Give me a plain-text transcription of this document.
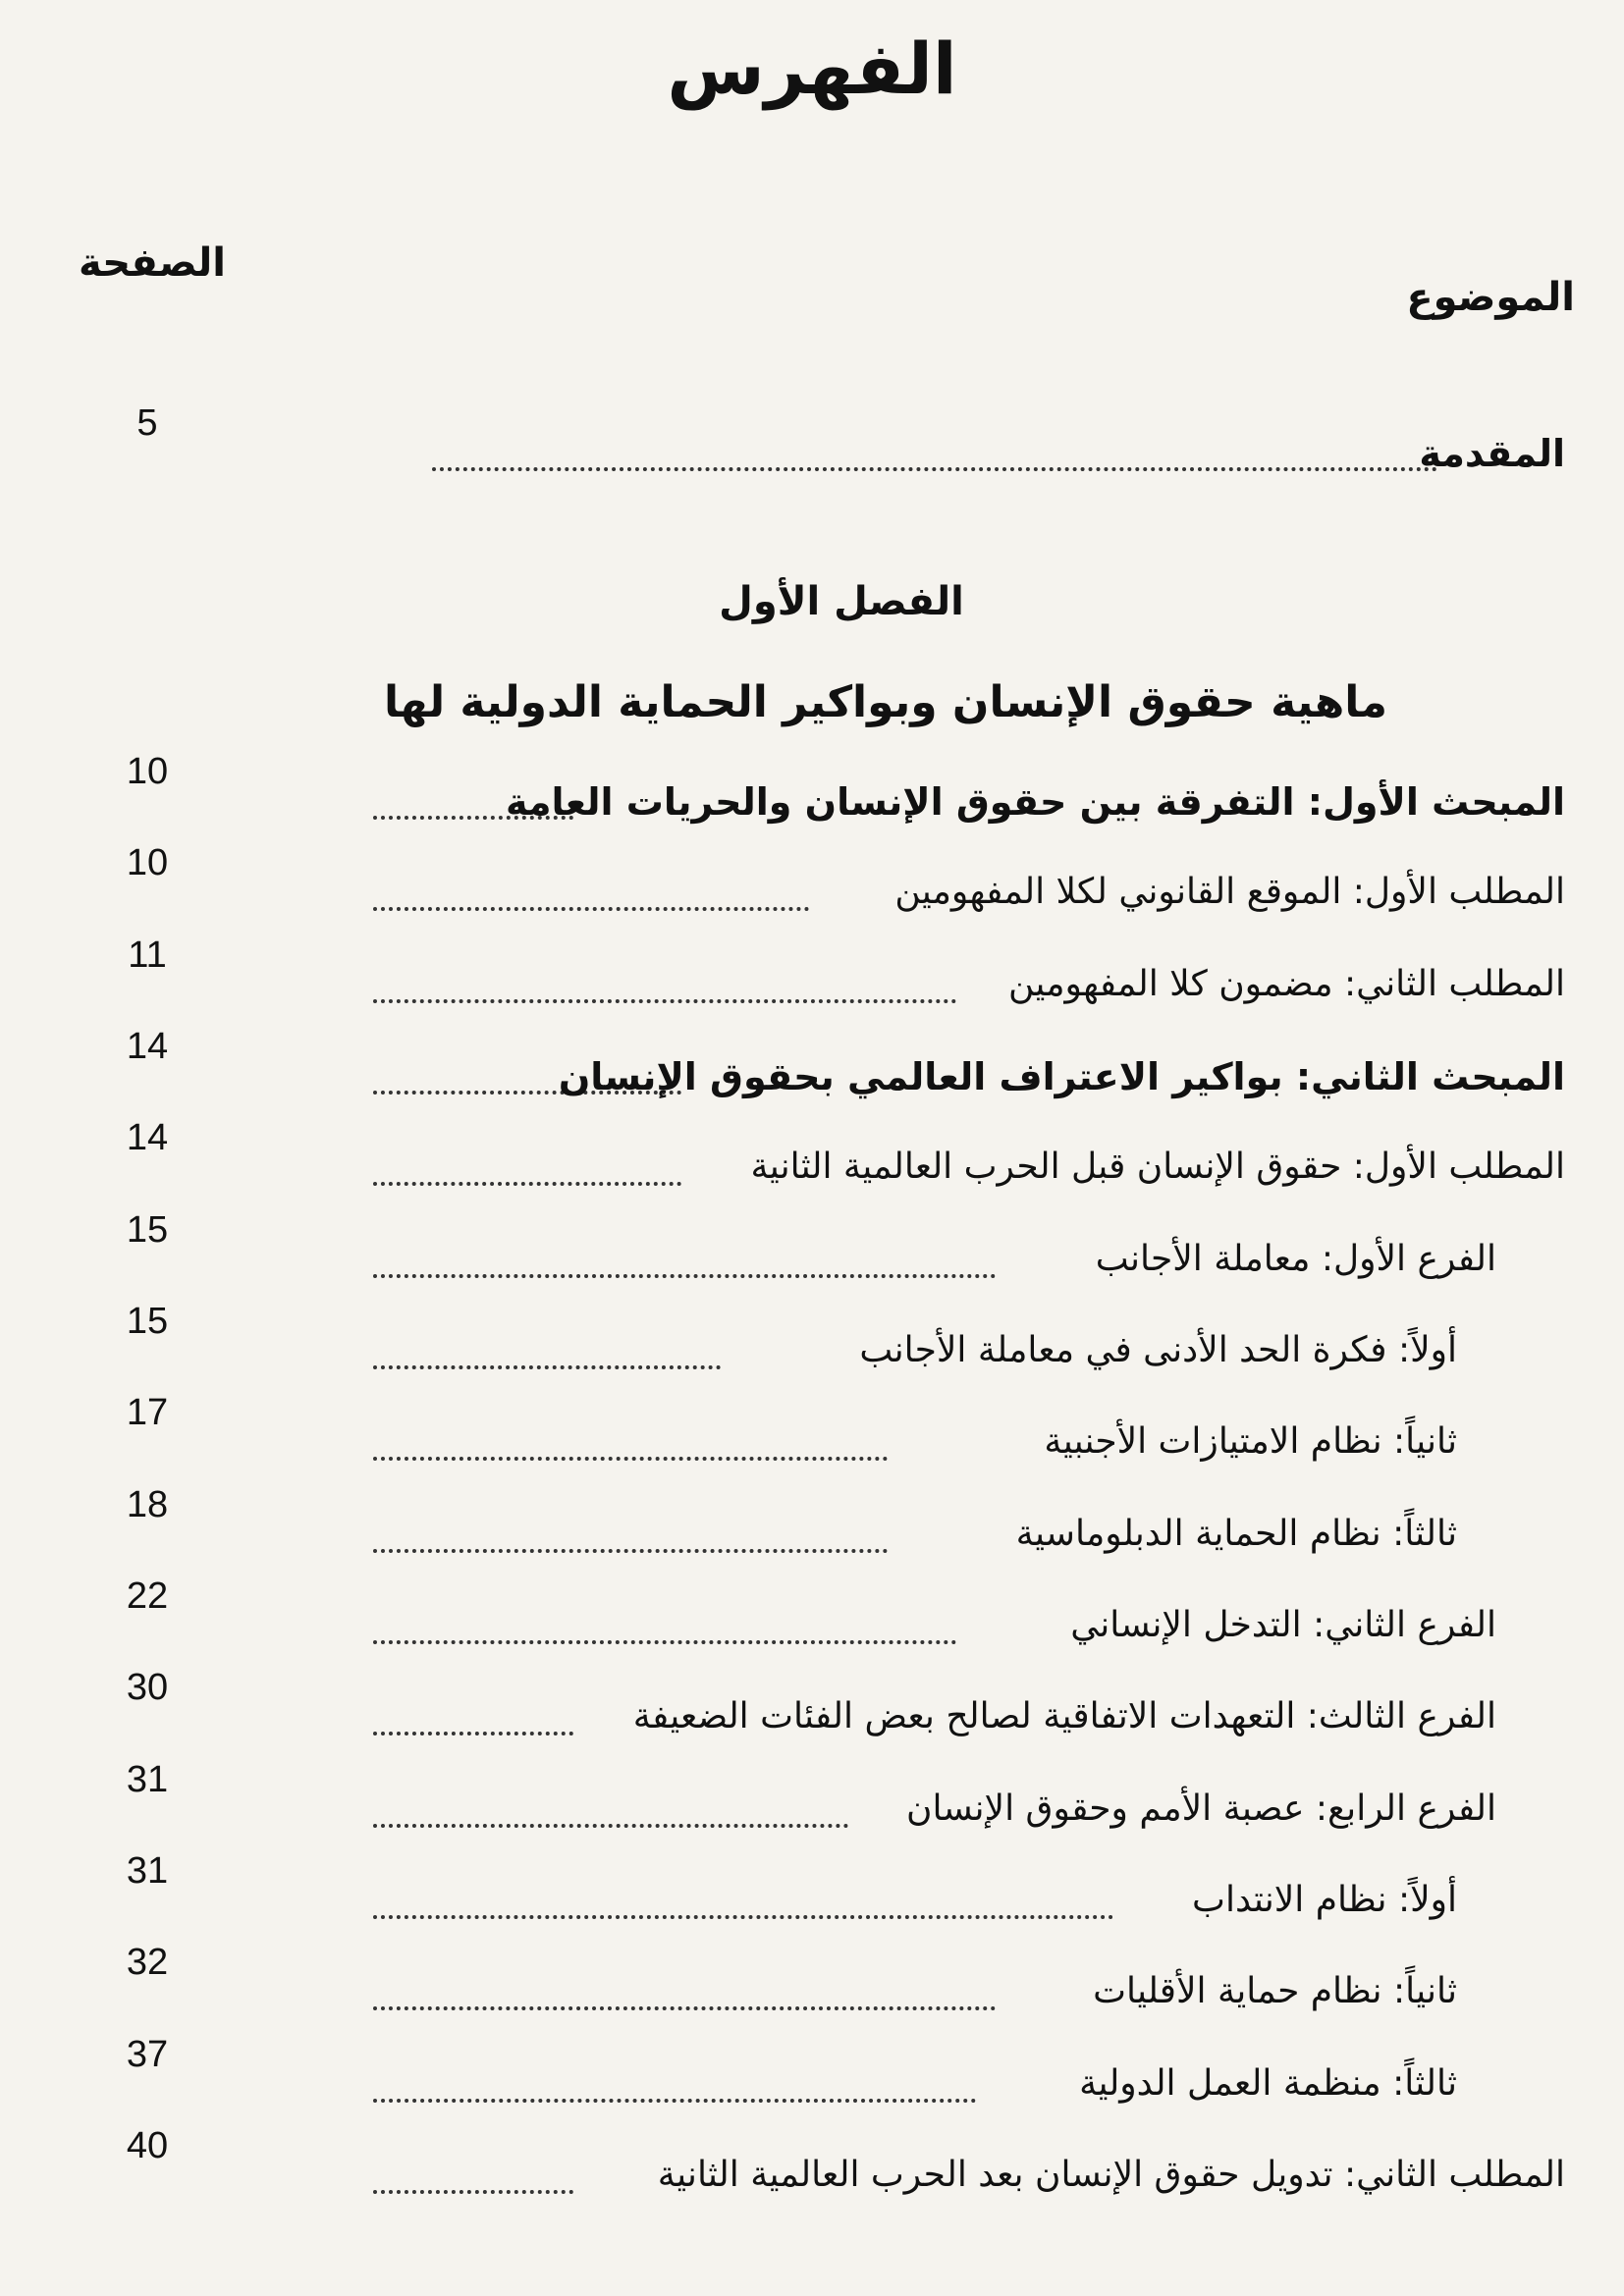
الفهرس
الموضوع
الصفحة
5
المقدمة
الفصل الأول
ماهية حقوق الإنسان وبواكير الحماية الدولية لها
10
المبحث الأول: التفرقة بين حقوق الإنسان والحريات العامة
10
المطلب الأول: الموقع القانوني لكلا المفهومين
11
المطلب الثاني: مضمون كلا المفهومين
14
المبحث الثاني: بواكير الاعتراف العالمي بحقوق الإنسان
14
المطلب الأول: حقوق الإنسان قبل الحرب العالمية الثانية
15
الفرع الأول: معاملة الأجانب
15
أولاً: فكرة الحد الأدنى في معاملة الأجانب
17
ثانياً: نظام الامتيازات الأجنبية
18
ثالثاً: نظام الحماية الدبلوماسية
22
الفرع الثاني: التدخل الإنساني
30
الفرع الثالث: التعهدات الاتفاقية لصالح بعض الفئات الضعيفة
31
الفرع الرابع: عصبة الأمم وحقوق الإنسان
31
أولاً: نظام الانتداب
32
ثانياً: نظام حماية الأقليات
37
ثالثاً: منظمة العمل الدولية
40
المطلب الثاني: تدويل حقوق الإنسان بعد الحرب العالمية الثانية
